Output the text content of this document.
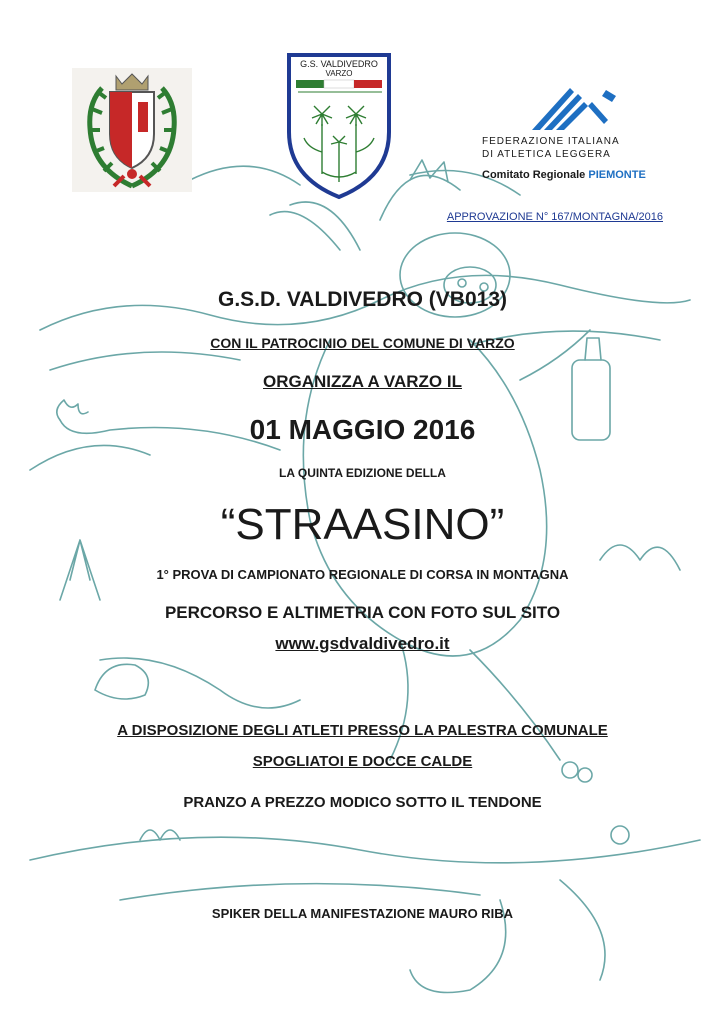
G.S. VALDIVEDRO
VARZO
FEDERAZIONE ITALIANA
DI ATLETICA LEGGERA
Comitato Regionale PIEMONTE
APPROVAZIONE N° 167/MONTAGNA/2016
G.S.D. VALDIVEDRO (VB013)
CON IL PATROCINIO DEL COMUNE DI VARZO
ORGANIZZA A VARZO IL
01 MAGGIO 2016
LA QUINTA EDIZIONE DELLA
“STRAASINO”
1° PROVA DI CAMPIONATO REGIONALE DI CORSA IN MONTAGNA
PERCORSO E ALTIMETRIA CON FOTO SUL SITO
www.gsdvaldivedro.it
A DISPOSIZIONE DEGLI ATLETI PRESSO LA PALESTRA COMUNALE
SPOGLIATOI E DOCCE CALDE
PRANZO A PREZZO MODICO SOTTO IL TENDONE
SPIKER DELLA MANIFESTAZIONE MAURO RIBA
